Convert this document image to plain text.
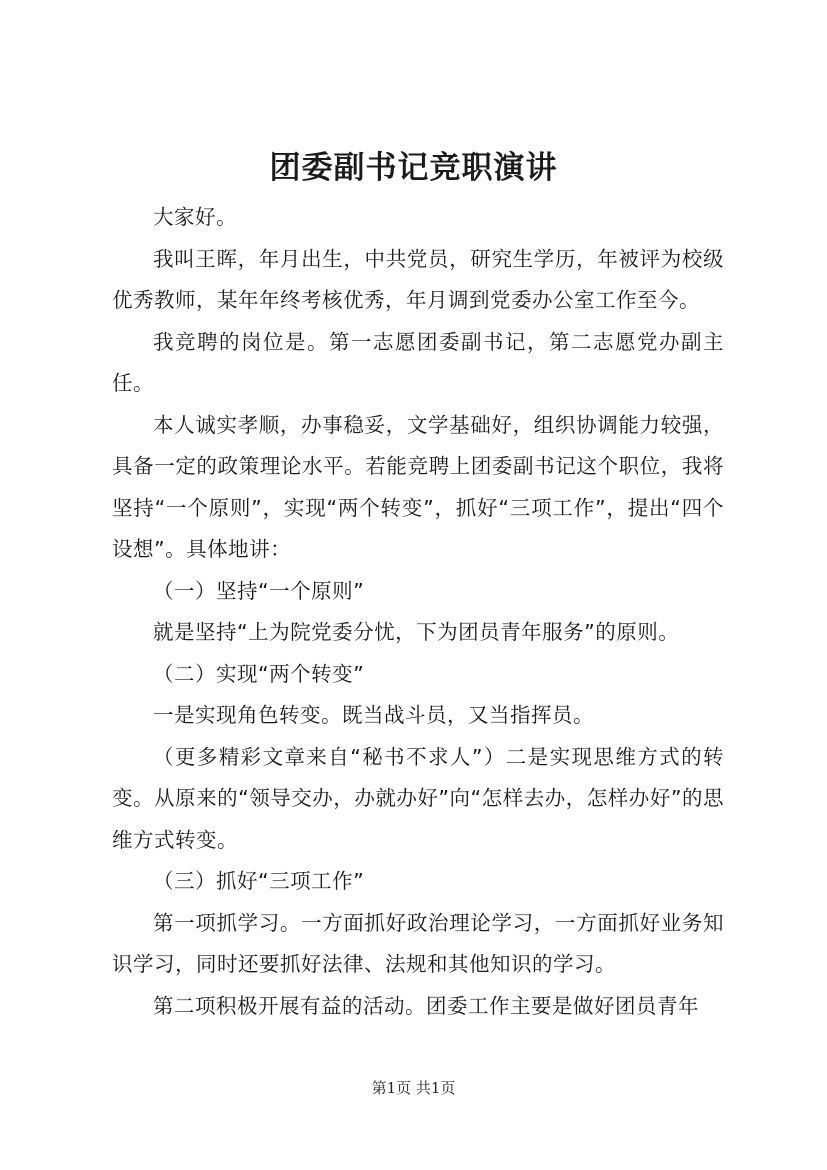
团委副书记竞职演讲

大家好。

我叫王晖，年月出生，中共党员，研究生学历，年被评为校级优秀教师，某年年终考核优秀，年月调到党委办公室工作至今。

我竞聘的岗位是。第一志愿团委副书记，第二志愿党办副主任。

本人诚实孝顺，办事稳妥，文学基础好，组织协调能力较强，具备一定的政策理论水平。若能竞聘上团委副书记这个职位，我将坚持“一个原则”，实现“两个转变”，抓好“三项工作”，提出“四个设想”。具体地讲：

（一）坚持“一个原则”

就是坚持“上为院党委分忧，下为团员青年服务”的原则。

（二）实现“两个转变”

一是实现角色转变。既当战斗员，又当指挥员。

（更多精彩文章来自“秘书不求人”）二是实现思维方式的转变。从原来的“领导交办，办就办好”向“怎样去办，怎样办好”的思维方式转变。

（三）抓好“三项工作”

第一项抓学习。一方面抓好政治理论学习，一方面抓好业务知识学习，同时还要抓好法律、法规和其他知识的学习。

第二项积极开展有益的活动。团委工作主要是做好团员青年

第1页 共1页
